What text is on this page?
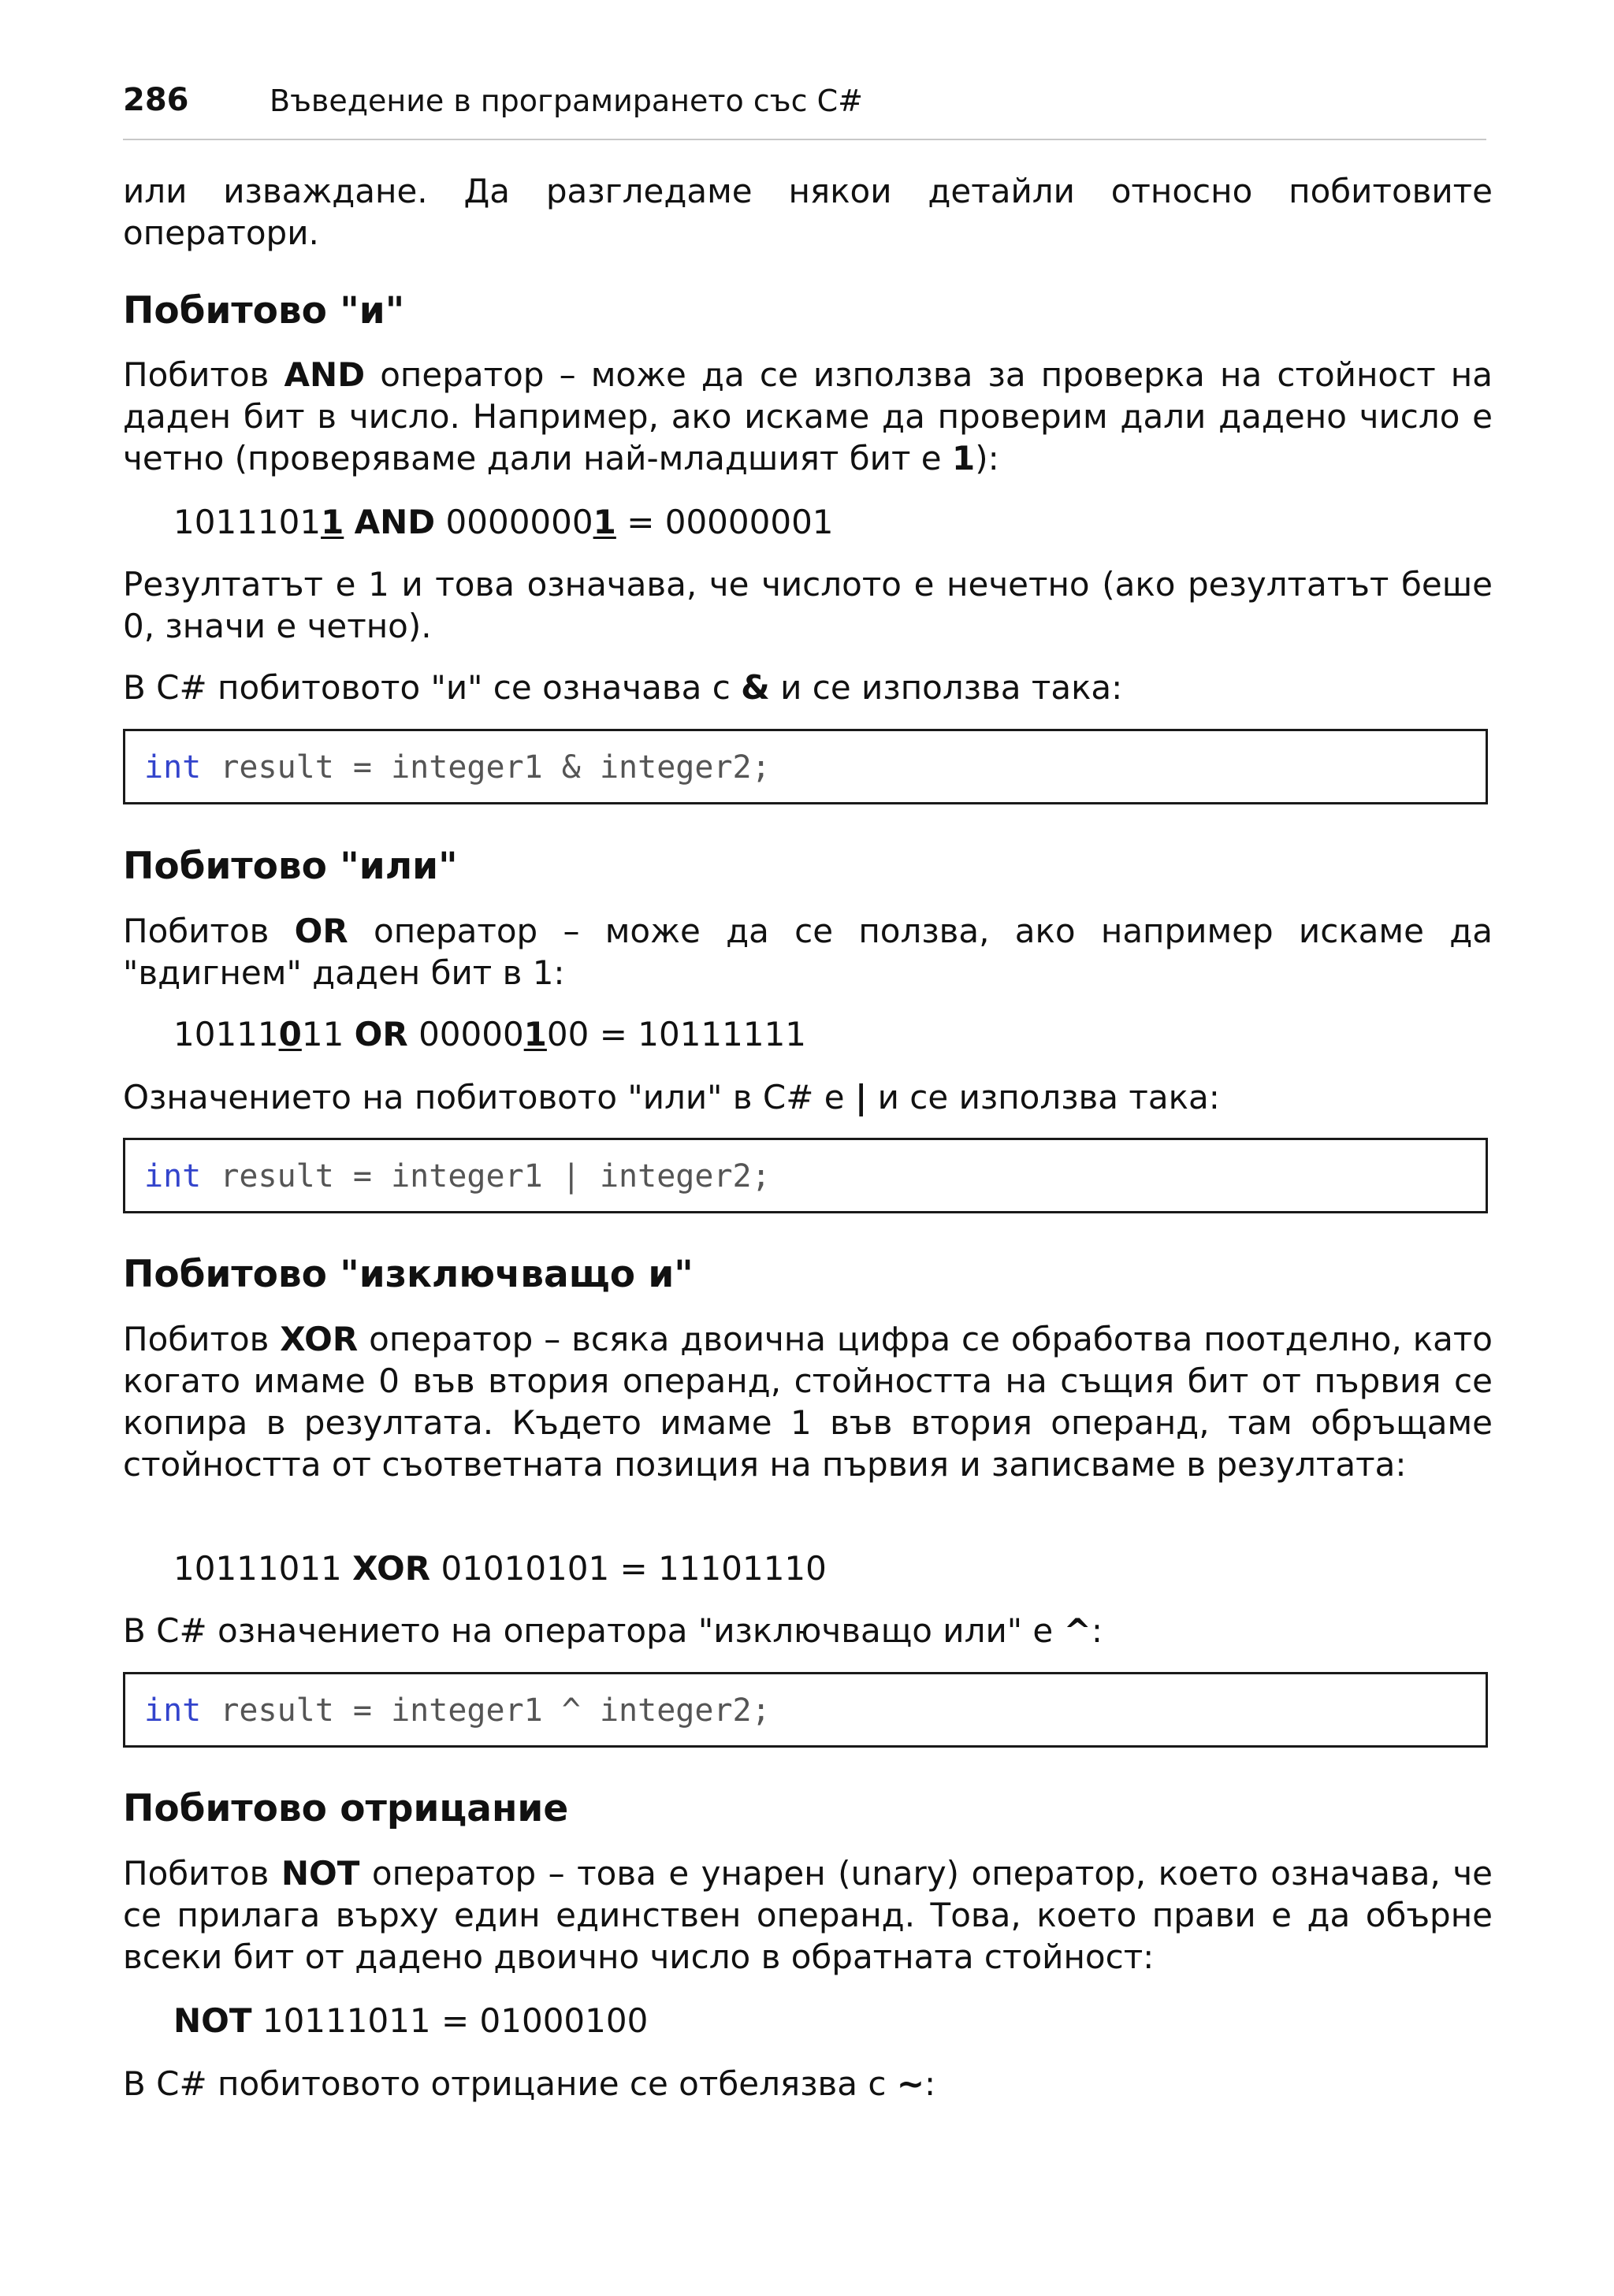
286	Въведение в програмирането със C#

или изваждане. Да разгледаме някои детайли относно побитовите оператори.

Побитово "и"

Побитов AND оператор – може да се използва за проверка на стойност на даден бит в число. Например, ако искаме да проверим дали дадено число е четно (проверяваме дали най-младшият бит е 1):

10111011 AND 00000001 = 00000001

Резултатът е 1 и това означава, че числото е нечетно (ако резултатът беше 0, значи е четно).

В C# побитовото "и" се означава с & и се използва така:

int result = integer1 & integer2;
Побитово "или"

Побитов OR оператор – може да се ползва, ако например искаме да "вдигнем" даден бит в 1:

10111011 OR 00000100 = 10111111

Означението на побитовото "или" в C# е | и се използва така:

int result = integer1 | integer2;
Побитово "изключващо и"

Побитов XOR оператор – всяка двоична цифра се обработва поотделно, като когато имаме 0 във втория операнд, стойността на същия бит от първия се копира в резултата. Където имаме 1 във втория операнд, там обръщаме стойността от съответната позиция на първия и записваме в резултата:

10111011 XOR 01010101 = 11101110

В C# означението на оператора "изключващо или" е ^:

int result = integer1 ^ integer2;
Побитово отрицание

Побитов NOT оператор – това е унарен (unary) оператор, което означава, че се прилага върху един единствен операнд. Това, което прави е да обърне всеки бит от дадено двоично число в обратната стойност:

NOT 10111011 = 01000100

В C# побитовото отрицание се отбелязва с ~:
